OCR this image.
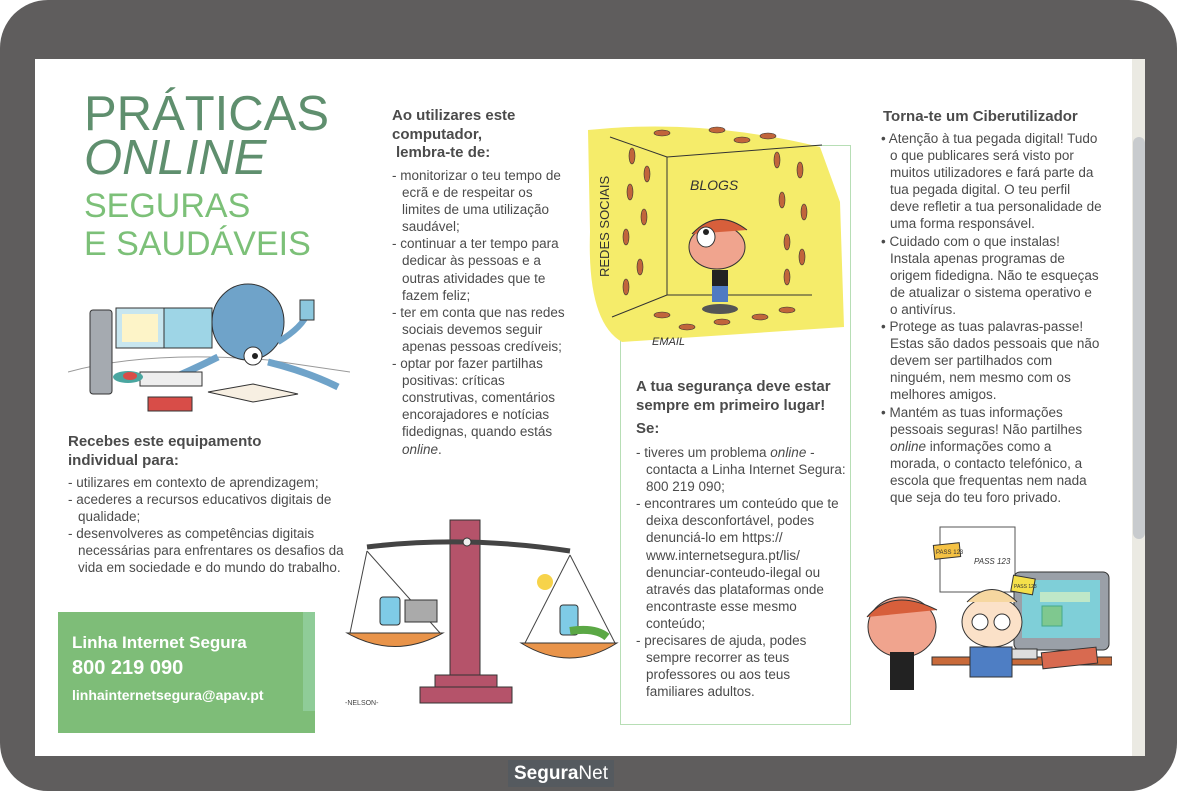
PRÁTICAS
ONLINE
SEGURAS
E SAUDÁVEIS
Recebes este equipamento
individual para:
- utilizares em contexto de aprendizagem;
- acederes a recursos educativos digitais de qualidade;
- desenvolveres as competências digitais necessárias para enfrentares os desafios da vida em sociedade e do mundo do trabalho.
Linha Internet Segura
800 219 090
linhainternetsegura@apav.pt
Ao utilizares este
computador,
lembra-te de:
- monitorizar o teu tempo de ecrã e de respeitar os limites de uma utilização saudável;
- continuar a ter tempo para dedicar às pessoas e a outras atividades que te fazem feliz;
- ter em conta que nas redes sociais devemos seguir apenas pessoas credíveis;
- optar por fazer partilhas positivas: críticas construtivas, comentários encorajadores e notícias fidedignas, quando estás online.
-NELSON-
BLOGS
REDES SOCIAIS
EMAIL
A tua segurança deve estar
sempre em primeiro lugar!
Se:
- tiveres um problema online - contacta a Linha Internet Segura: 800 219 090;
- encontrares um conteúdo que te deixa desconfortável, podes denunciá-lo em https:// www.internetsegura.pt/lis/ denunciar-conteudo-ilegal ou através das plataformas onde encontraste esse mesmo conteúdo;
- precisares de ajuda, podes sempre recorrer as teus professores ou aos teus familiares adultos.
Torna-te um Ciberutilizador
• Atenção à tua pegada digital! Tudo o que publicares será visto por muitos utilizadores e fará parte da tua pegada digital. O teu perfil deve refletir a tua personalidade de uma forma responsável.
• Cuidado com o que instalas! Instala apenas programas de origem fidedigna. Não te esqueças de atualizar o sistema operativo e o antivírus.
• Protege as tuas palavras-passe! Estas são dados pessoais que não devem ser partilhados com ninguém, nem mesmo com os melhores amigos.
• Mantém as tuas informações pessoais seguras! Não partilhes online informações como a morada, o contacto telefónico, a escola que frequentas nem nada que seja do teu foro privado.
PASS 123
PASS 123
PASS 123
SeguraNet
